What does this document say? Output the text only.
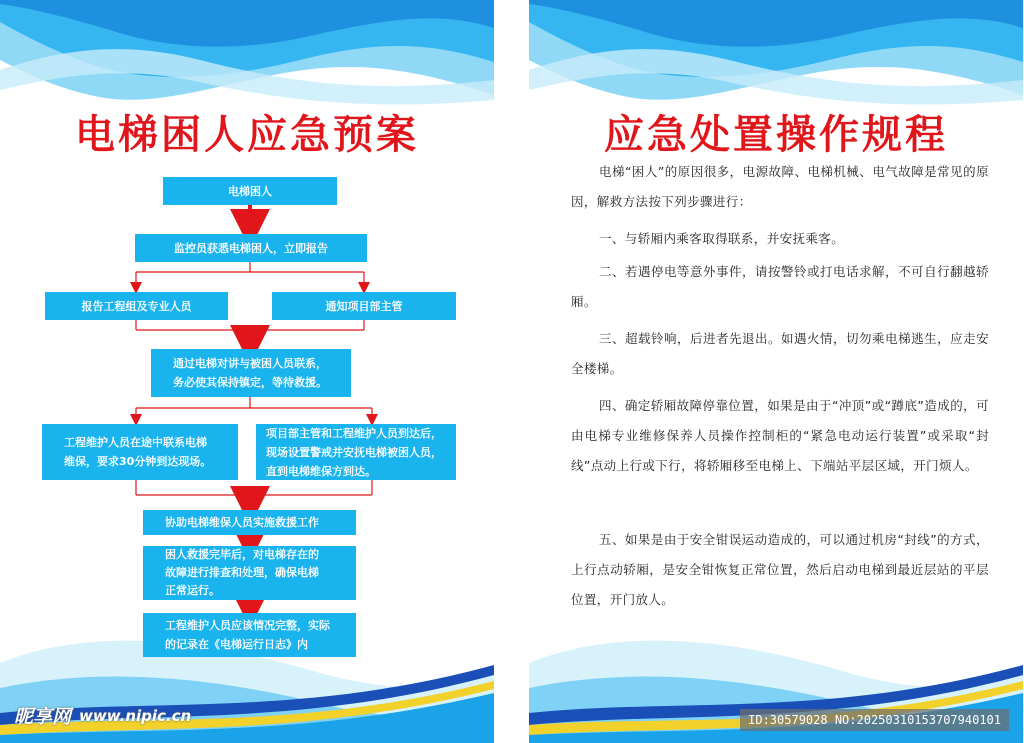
电梯困人应急预案
电梯困人
监控员获悉电梯困人，立即报告
报告工程组及专业人员	通知项目部主管
通过电梯对讲与被困人员联系，
务必使其保持镇定，等待救援。
工程维护人员在途中联系电梯
维保，要求30分钟到达现场。
项目部主管和工程维护人员到达后，
现场设置警戒并安抚电梯被困人员，
直到电梯维保方到达。
协助电梯维保人员实施救援工作
困人救援完毕后，对电梯存在的
故障进行排查和处理，确保电梯
正常运行。
工程维护人员应该情况完整，实际
的记录在《电梯运行日志》内
昵享网 www.nipic.cn
应急处置操作规程
电梯“困人”的原因很多，电源故障、电梯机械、电气故障是常见的原因，解救方法按下列步骤进行：
一、与轿厢内乘客取得联系，并安抚乘客。
二、若遇停电等意外事件，请按警铃或打电话求解，不可自行翻越轿厢。
三、超载铃响，后进者先退出。如遇火情，切勿乘电梯逃生，应走安全楼梯。
四、确定轿厢故障停靠位置，如果是由于“冲顶”或“蹲底”造成的，可由电梯专业维修保养人员操作控制柜的“紧急电动运行装置”或采取“封线”点动上行或下行，将轿厢移至电梯上、下端站平层区域，开门烦人。
五、如果是由于安全钳误运动造成的，可以通过机房“封线”的方式，上行点动轿厢，是安全钳恢复正常位置，然后启动电梯到最近层站的平层位置，开门放人。
ID:30579028 NO:20250310153707940101
